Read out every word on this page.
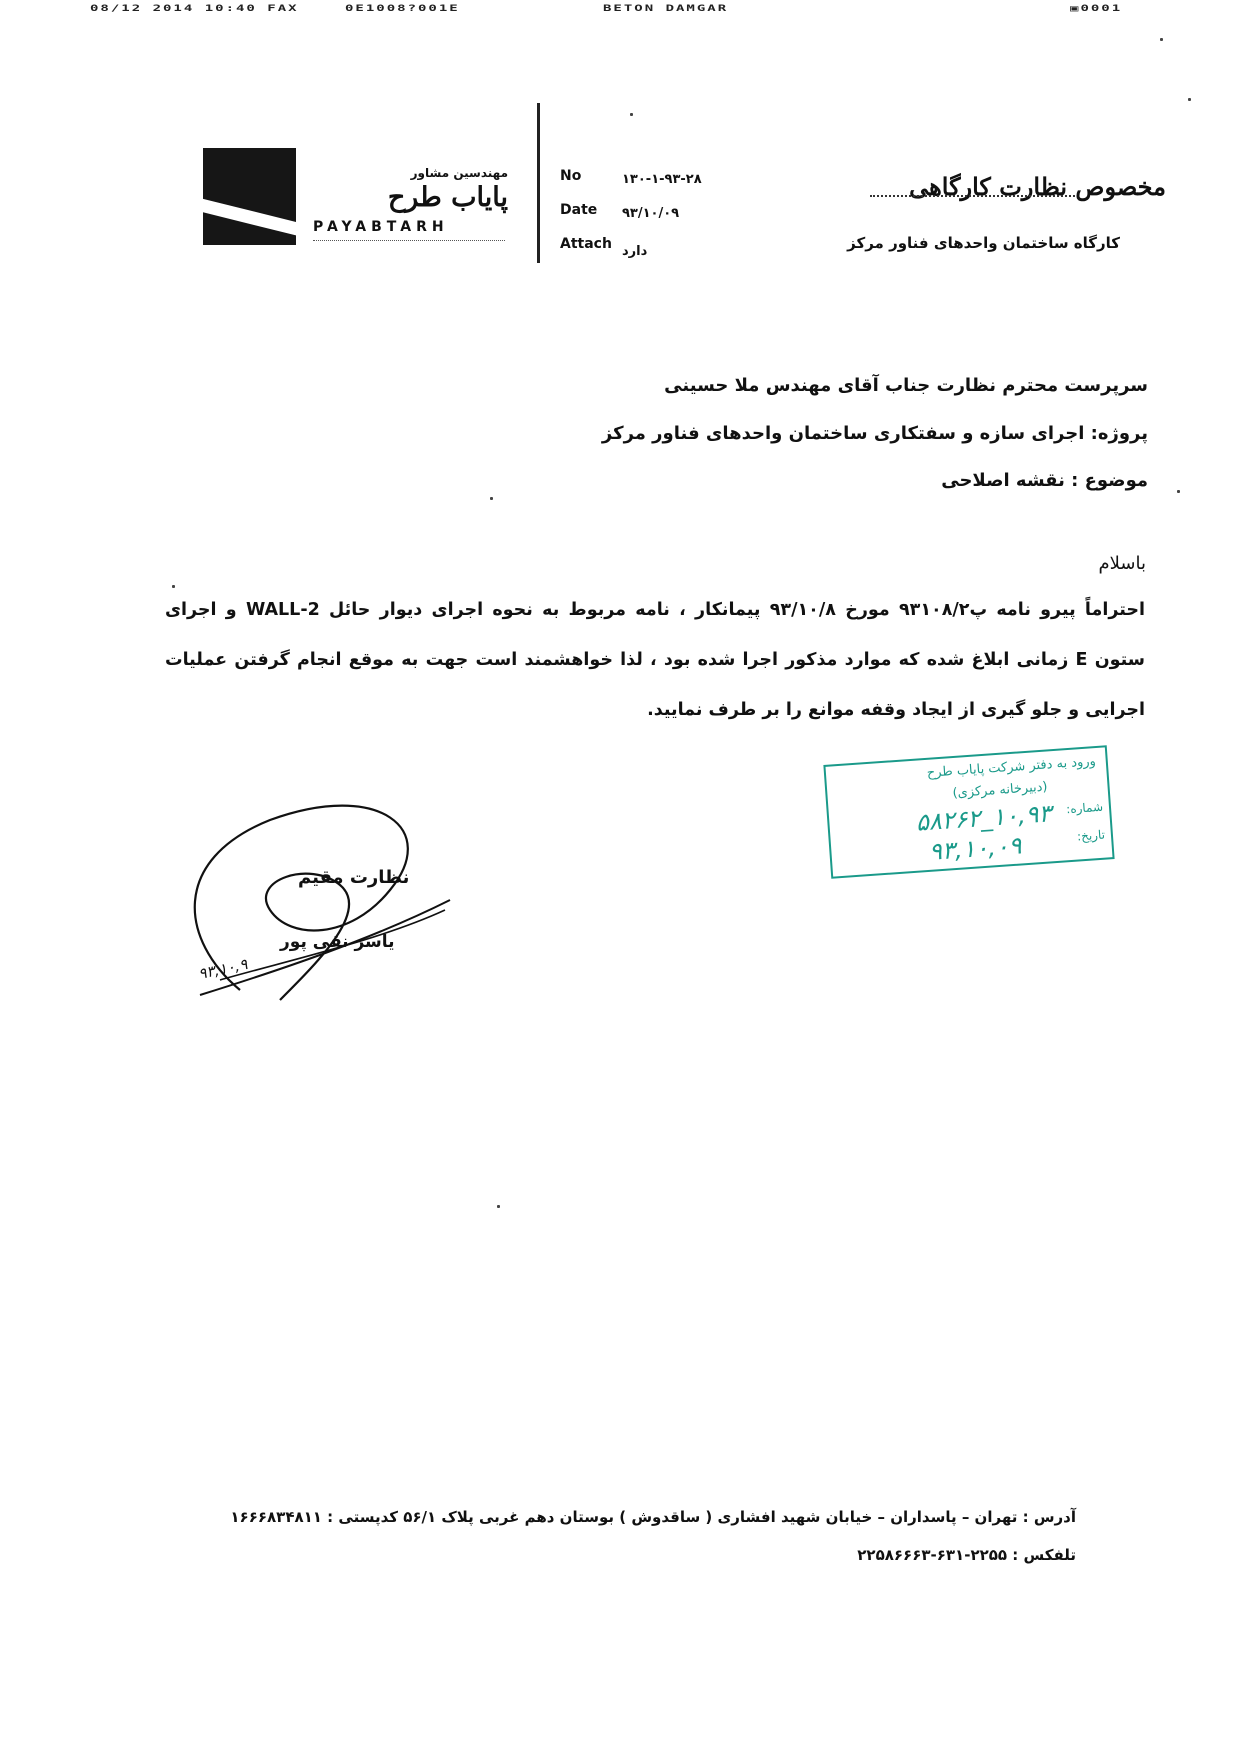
08/12 2014 10:40 FAX	0E1008?001E	BETON DAMGAR	▣0001
مهندسین مشاور
پایاب طرح
PAYABTARH
No	۱۳۰-۱-۹۳-۲۸
Date ۹۳/۱۰/۰۹
Attach دارد
مخصوص نظارت کارگاهی
کارگاه ساختمان واحدهای فناور مرکز
سرپرست محترم نظارت جناب آقای مهندس ملا حسینی
پروژه: اجرای سازه و سفتکاری ساختمان واحدهای فناور مرکز
موضوع : نقشه اصلاحی
باسلام
احتراماً پیرو نامه پ۹۳۱۰۸/۲ مورخ ۹۳/۱۰/۸ پیمانکار ، نامه مربوط به نحوه اجرای دیوار حائل WALL-2 و اجرای ستون E زمانی ابلاغ شده که موارد مذکور اجرا شده بود ، لذا خواهشمند است جهت به موقع انجام گرفتن عملیات اجرایی و جلو گیری از ایجاد وقفه موانع را بر طرف نمایید.
ورود به دفتر شرکت پایاب طرح
(دبیرخانه مرکزی)
شماره:
۱۰,۹۳_۵۸۲۶۲
تاریخ:
۹۳,۱۰,۰۹
نظارت مقیم
یاسر نقی پور
۹۳,۱۰,۹
آدرس : تهران – پاسداران – خیابان شهید افشاری ( ساقدوش ) بوستان دهم غربی پلاک ۵۶/۱ کدپستی : ۱۶۶۶۸۳۴۸۱۱
تلفکس : ۲۲۵۵-۶۳۱-۲۲۵۸۶۶۶۳
